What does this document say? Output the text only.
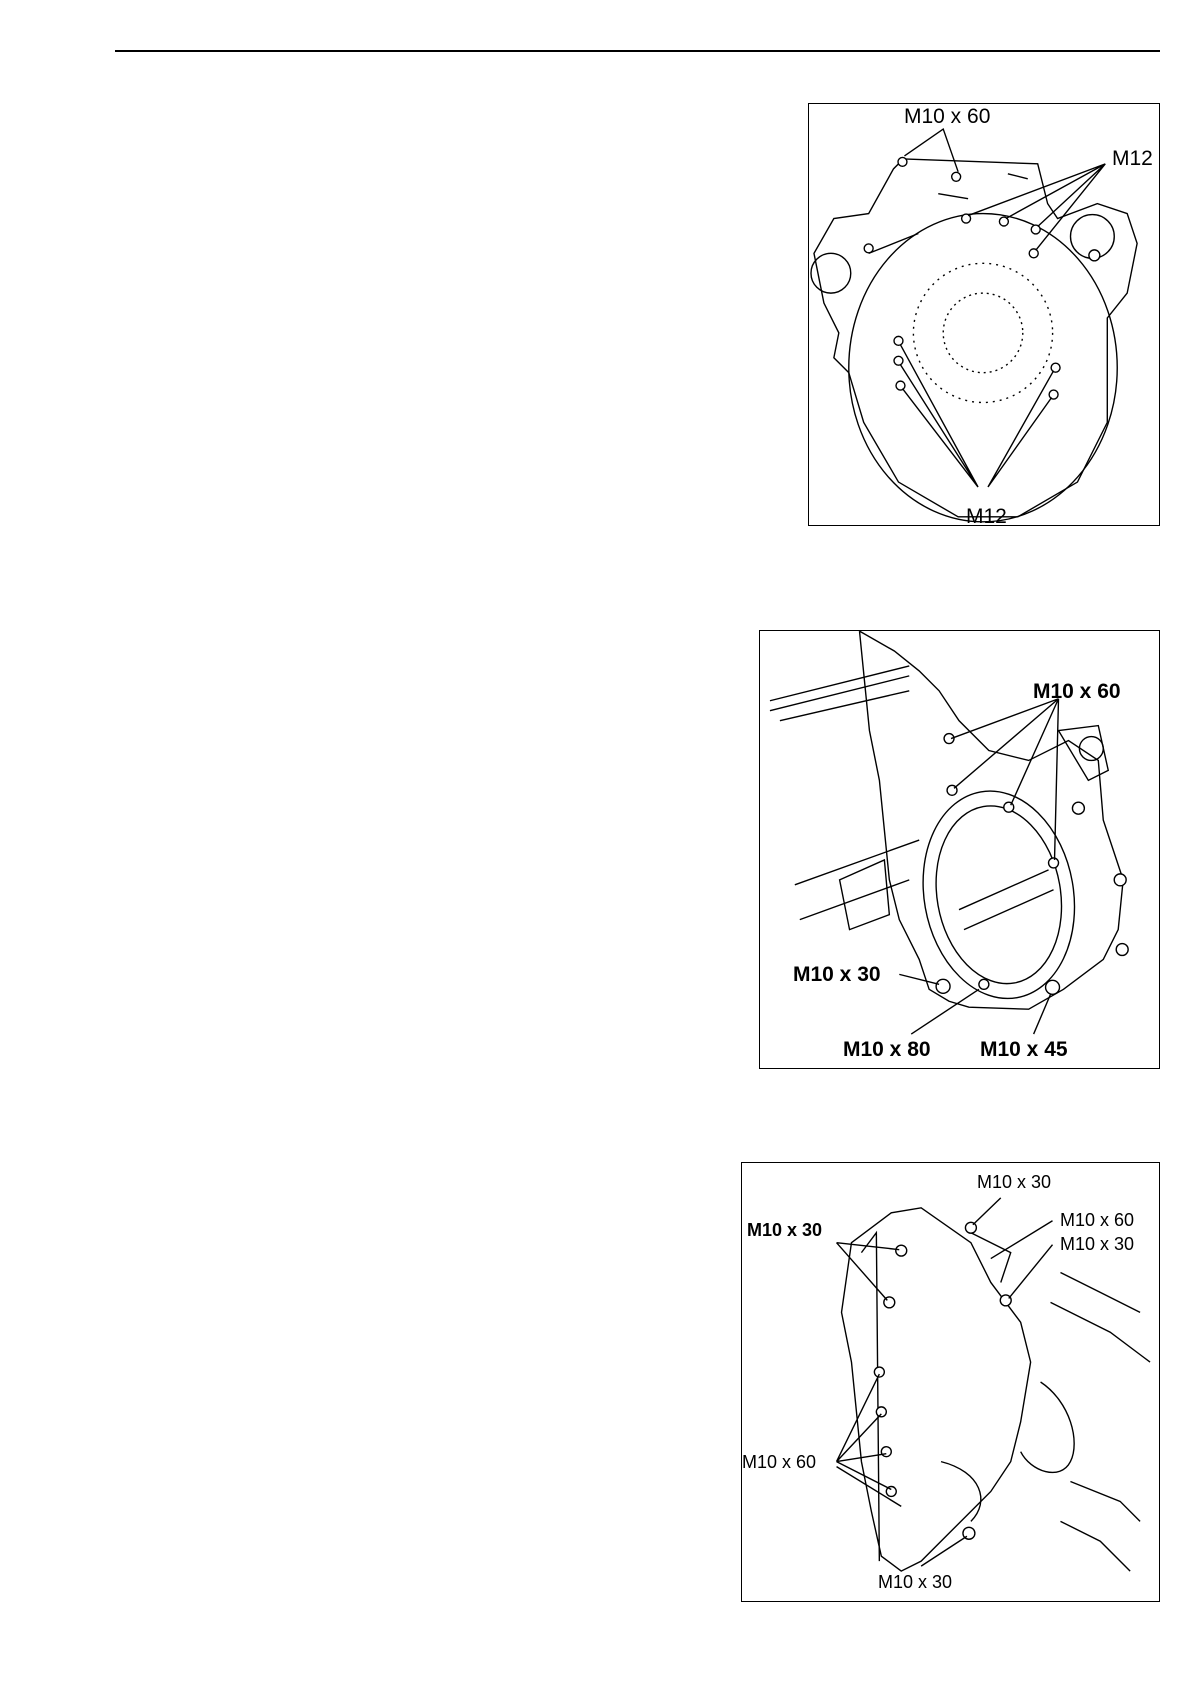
M10 x 60
M12
M12
M10 x 60
M10 x 30
M10 x 80 M10 x 45
M10 x 30	M10 x 60
M10 x 30
M10 x 30
M10 x 60
M10 x 30
